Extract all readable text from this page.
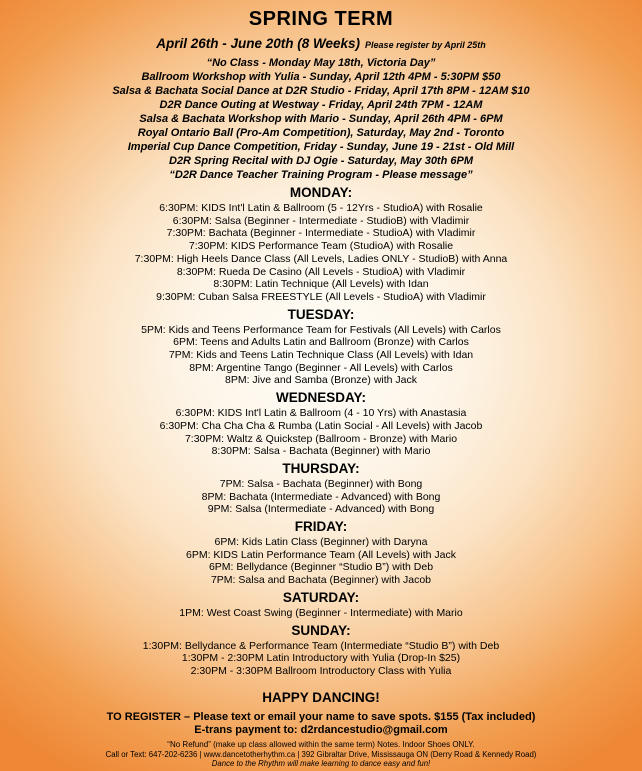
SPRING TERM
April 26th - June 20th (8 Weeks) Please register by April 25th
“No Class - Monday May 18th, Victoria Day”
Ballroom Workshop with Yulia - Sunday, April 12th 4PM - 5:30PM $50
Salsa & Bachata Social Dance at D2R Studio - Friday, April 17th 8PM - 12AM $10
D2R Dance Outing at Westway - Friday, April 24th 7PM - 12AM
Salsa & Bachata Workshop with Mario - Sunday, April 26th 4PM - 6PM
Royal Ontario Ball (Pro-Am Competition), Saturday, May 2nd - Toronto
Imperial Cup Dance Competition, Friday - Sunday, June 19 - 21st - Old Mill
D2R Spring Recital with DJ Ogie - Saturday, May 30th 6PM
“D2R Dance Teacher Training Program - Please message”
MONDAY:
6:30PM: KIDS Int'l Latin & Ballroom (5 - 12Yrs - StudioA) with Rosalie
6:30PM: Salsa (Beginner - Intermediate - StudioB) with Vladimir
7:30PM: Bachata (Beginner - Intermediate - StudioA) with Vladimir
7:30PM: KIDS Performance Team (StudioA) with Rosalie
7:30PM: High Heels Dance Class (All Levels, Ladies ONLY - StudioB) with Anna
8:30PM: Rueda De Casino (All Levels - StudioA) with Vladimir
8:30PM: Latin Technique (All Levels) with Idan
9:30PM: Cuban Salsa FREESTYLE (All Levels - StudioA) with Vladimir
TUESDAY:
5PM: Kids and Teens Performance Team for Festivals (All Levels) with Carlos
6PM: Teens and Adults Latin and Ballroom (Bronze) with Carlos
7PM: Kids and Teens Latin Technique Class (All Levels) with Idan
8PM: Argentine Tango (Beginner - All Levels) with Carlos
8PM: Jive and Samba (Bronze) with Jack
WEDNESDAY:
6:30PM: KIDS Int'l Latin & Ballroom (4 - 10 Yrs) with Anastasia
6:30PM: Cha Cha Cha & Rumba (Latin Social - All Levels) with Jacob
7:30PM: Waltz & Quickstep (Ballroom - Bronze) with Mario
8:30PM: Salsa - Bachata (Beginner) with Mario
THURSDAY:
7PM: Salsa - Bachata (Beginner) with Bong
8PM: Bachata (Intermediate - Advanced) with Bong
9PM: Salsa (Intermediate - Advanced) with Bong
FRIDAY:
6PM: Kids Latin Class (Beginner) with Daryna
6PM: KIDS Latin Performance Team (All Levels) with Jack
6PM: Bellydance (Beginner “Studio B”) with Deb
7PM: Salsa and Bachata (Beginner) with Jacob
SATURDAY:
1PM: West Coast Swing (Beginner - Intermediate) with Mario
SUNDAY:
1:30PM: Bellydance & Performance Team (Intermediate “Studio B”) with Deb
1:30PM - 2:30PM Latin Introductory with Yulia (Drop-In $25)
2:30PM - 3:30PM Ballroom Introductory Class with Yulia
HAPPY DANCING!
TO REGISTER – Please text or email your name to save spots. $155 (Tax included)
E-trans payment to: d2rdancestudio@gmail.com
“No Refund” (make up class allowed within the same term) Notes. Indoor Shoes ONLY.
Call or Text: 647-202-6236 | www.dancetotherhythm.ca | 392 Gibraltar Drive, Mississauga ON (Derry Road & Kennedy Road)
Dance to the Rhythm will make learning to dance easy and fun!
